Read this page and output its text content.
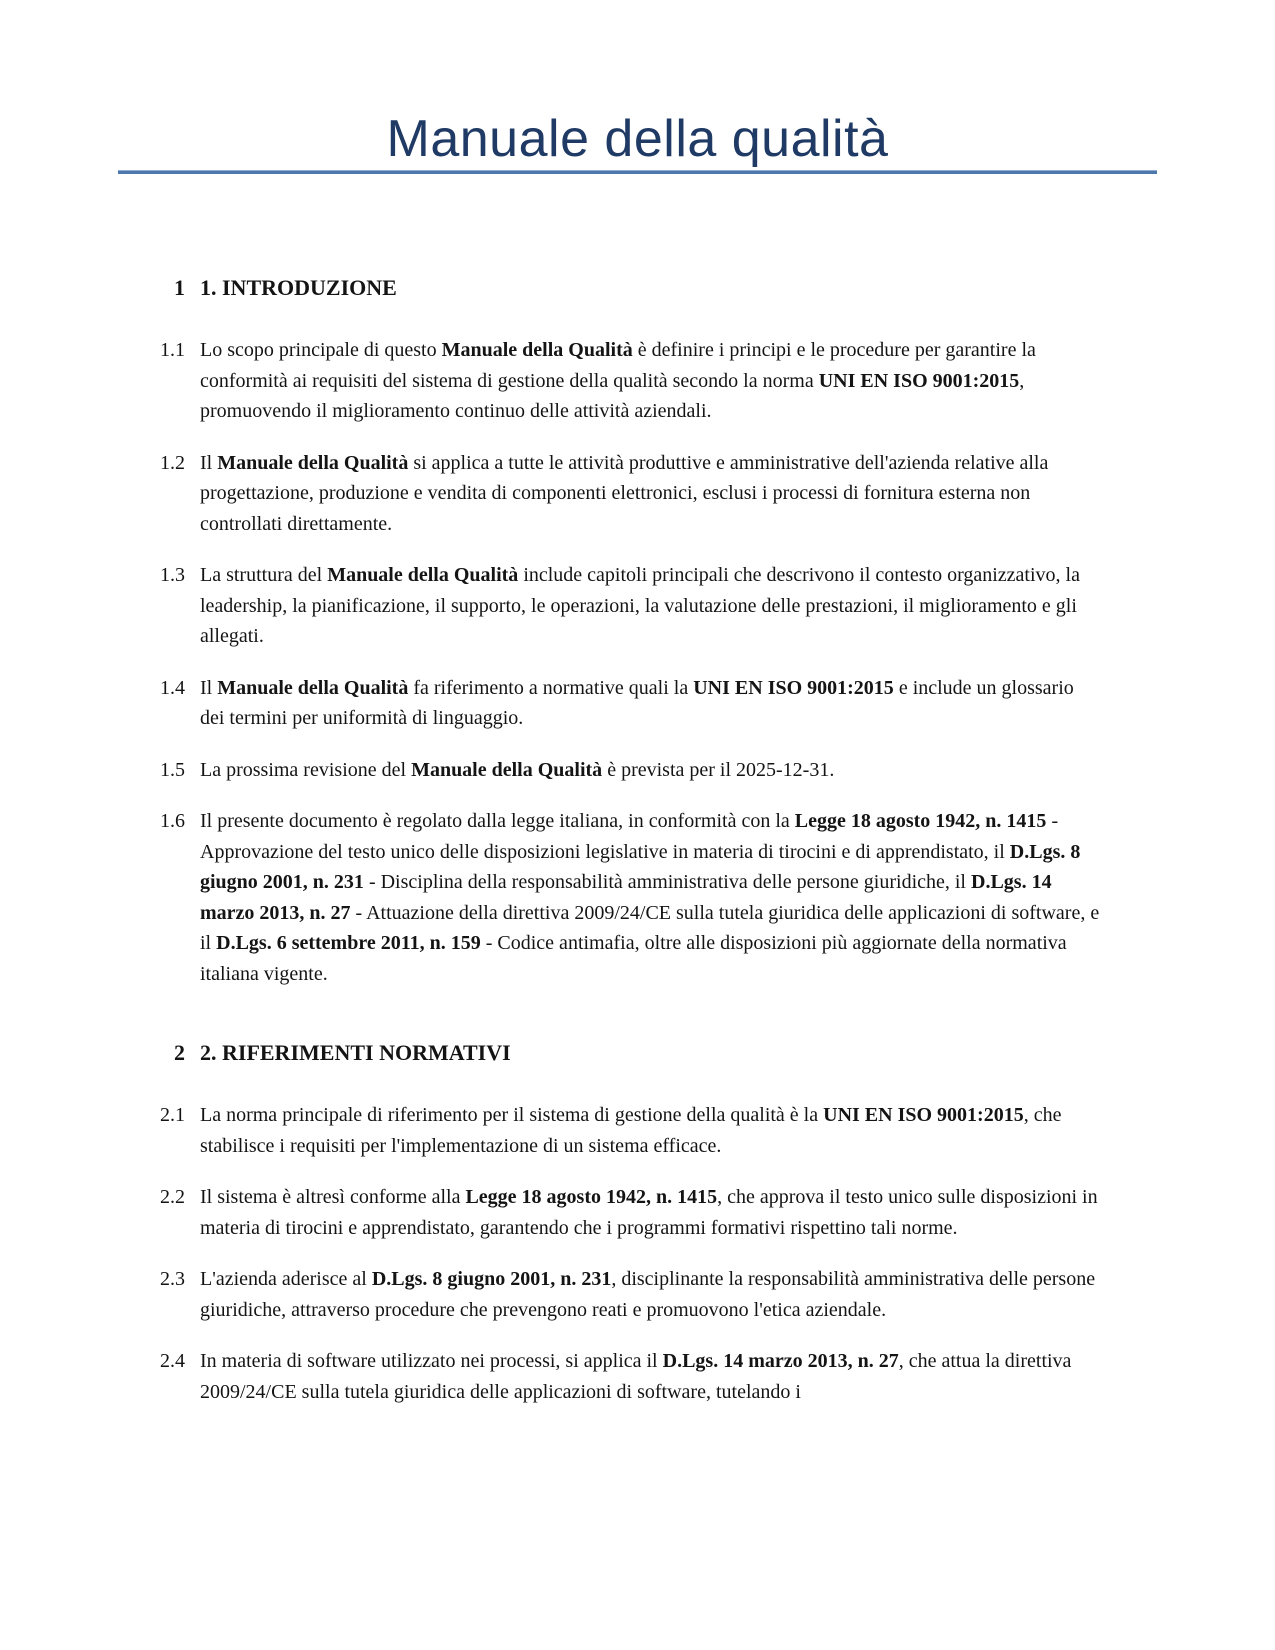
Manuale della qualità
1 1. INTRODUZIONE
1.1 Lo scopo principale di questo Manuale della Qualità è definire i principi e le procedure per garantire la conformità ai requisiti del sistema di gestione della qualità secondo la norma UNI EN ISO 9001:2015, promuovendo il miglioramento continuo delle attività aziendali.

1.2 Il Manuale della Qualità si applica a tutte le attività produttive e amministrative dell'azienda relative alla progettazione, produzione e vendita di componenti elettronici, esclusi i processi di fornitura esterna non controllati direttamente.

1.3 La struttura del Manuale della Qualità include capitoli principali che descrivono il contesto organizzativo, la leadership, la pianificazione, il supporto, le operazioni, la valutazione delle prestazioni, il miglioramento e gli allegati.

1.4 Il Manuale della Qualità fa riferimento a normative quali la UNI EN ISO 9001:2015 e include un glossario dei termini per uniformità di linguaggio.

1.5 La prossima revisione del Manuale della Qualità è prevista per il 2025-12-31.

1.6 Il presente documento è regolato dalla legge italiana, in conformità con la Legge 18 agosto 1942, n. 1415 - Approvazione del testo unico delle disposizioni legislative in materia di tirocini e di apprendistato, il D.Lgs. 8 giugno 2001, n. 231 - Disciplina della responsabilità amministrativa delle persone giuridiche, il D.Lgs. 14 marzo 2013, n. 27 - Attuazione della direttiva 2009/24/CE sulla tutela giuridica delle applicazioni di software, e il D.Lgs. 6 settembre 2011, n. 159 - Codice antimafia, oltre alle disposizioni più aggiornate della normativa italiana vigente.

2 2. RIFERIMENTI NORMATIVI
2.1 La norma principale di riferimento per il sistema di gestione della qualità è la UNI EN ISO 9001:2015, che stabilisce i requisiti per l'implementazione di un sistema efficace.

2.2 Il sistema è altresì conforme alla Legge 18 agosto 1942, n. 1415, che approva il testo unico sulle disposizioni in materia di tirocini e apprendistato, garantendo che i programmi formativi rispettino tali norme.

2.3 L'azienda aderisce al D.Lgs. 8 giugno 2001, n. 231, disciplinante la responsabilità amministrativa delle persone giuridiche, attraverso procedure che prevengono reati e promuovono l'etica aziendale.

2.4 In materia di software utilizzato nei processi, si applica il D.Lgs. 14 marzo 2013, n. 27, che attua la direttiva 2009/24/CE sulla tutela giuridica delle applicazioni di software, tutelando i
